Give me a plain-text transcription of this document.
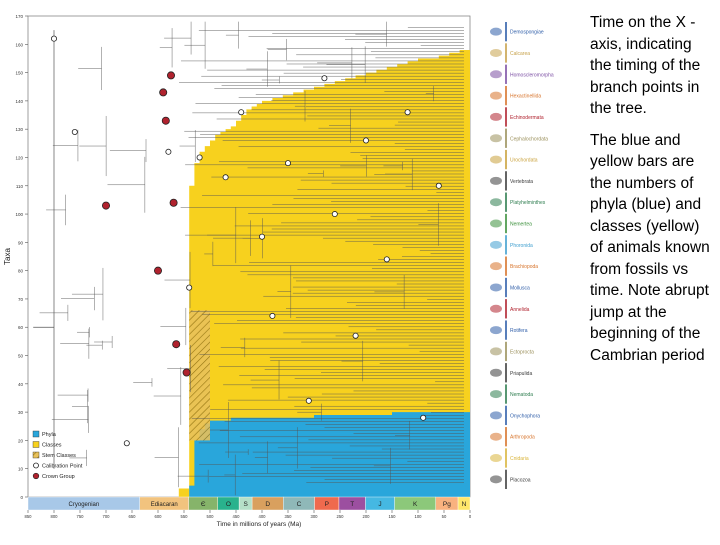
0
10
20
30
40
50
60
70
80
90
100
110
120
130
140
150
160
170
Taxa
Cryogenian	Ediacaran	Є	O S	D	C	P	T	J	K	Pg N
850	800	750	700	650	600	550	500	450	400	350	300	250	200	150	100	50	0
Time in millions of years (Ma)
Phyla
Classes
Stem Classes
Calibration Point
Crown Group
Demospongiae
Calcarea
Homoscleromorpha
Hexactinellida
Echinodermata
Cephalochordata
Urochordata
Vertebrata
Platyhelminthes
Nemertea
Phoronida
Brachiopoda
Mollusca
Annelida
Rotifera
Ectoprocta
Priapulida
Nematoda
Onychophora
Arthropoda
Cnidaria
Placozoa

Time on the X -axis, indicating the timing of the branch points in the tree.

The blue and yellow bars are the numbers of phyla (blue) and classes (yellow) of animals known from fossils vs time. Note abrupt jump at the beginning of the Cambrian period
